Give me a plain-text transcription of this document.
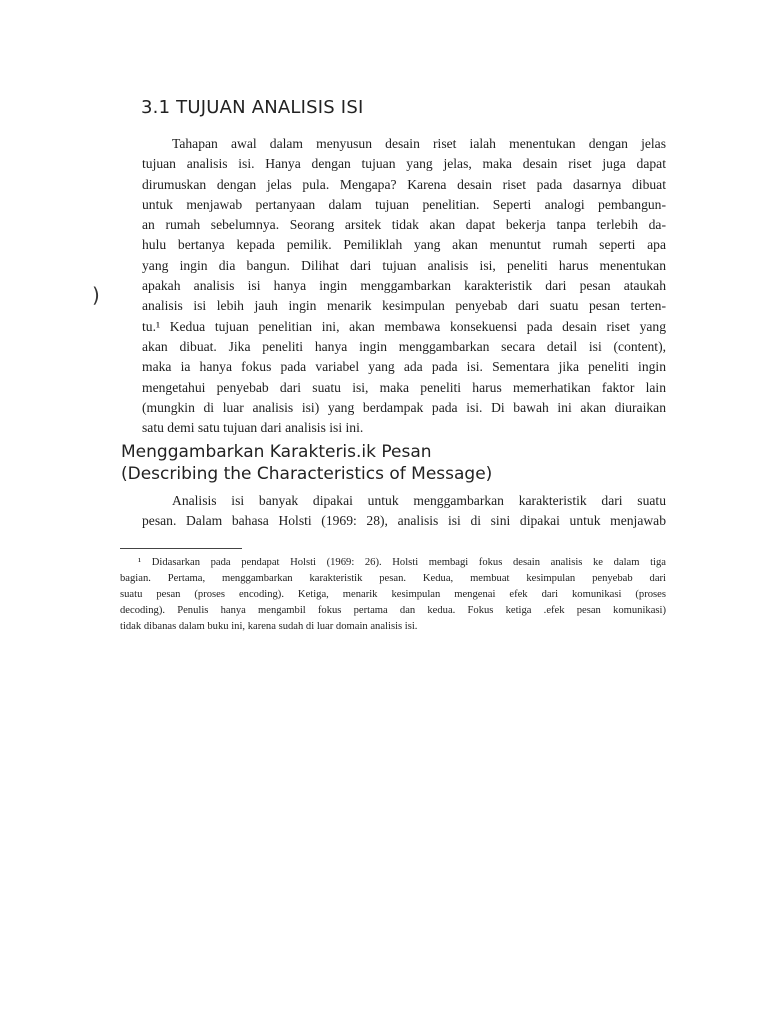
3.1 TUJUAN ANALISIS ISI
)
Tahapan awal dalam menyusun desain riset ialah menentukan dengan jelas
tujuan analisis isi. Hanya dengan tujuan yang jelas, maka desain riset juga dapat
dirumuskan dengan jelas pula. Mengapa? Karena desain riset pada dasarnya dibuat
untuk menjawab pertanyaan dalam tujuan penelitian. Seperti analogi pembangun-
an rumah sebelumnya. Seorang arsitek tidak akan dapat bekerja tanpa terlebih da-
hulu bertanya kepada pemilik. Pemiliklah yang akan menuntut rumah seperti apa
yang ingin dia bangun. Dilihat dari tujuan analisis isi, peneliti harus menentukan
apakah analisis isi hanya ingin menggambarkan karakteristik dari pesan ataukah
analisis isi lebih jauh ingin menarik kesimpulan penyebab dari suatu pesan terten-
tu.¹ Kedua tujuan penelitian ini, akan membawa konsekuensi pada desain riset yang
akan dibuat. Jika peneliti hanya ingin menggambarkan secara detail isi (content),
maka ia hanya fokus pada variabel yang ada pada isi. Sementara jika peneliti ingin
mengetahui penyebab dari suatu isi, maka peneliti harus memerhatikan faktor lain
(mungkin di luar analisis isi) yang berdampak pada isi. Di bawah ini akan diuraikan
satu demi satu tujuan dari analisis isi ini.
Menggambarkan Karakteris.ik Pesan
(Describing the Characteristics of Message)
Analisis isi banyak dipakai untuk menggambarkan karakteristik dari suatu
pesan. Dalam bahasa Holsti (1969: 28), analisis isi di sini dipakai untuk menjawab
¹ Didasarkan pada pendapat Holsti (1969: 26). Holsti membagi fokus desain analisis ke dalam tiga
bagian. Pertama, menggambarkan karakteristik pesan. Kedua, membuat kesimpulan penyebab dari
suatu pesan (proses encoding). Ketiga, menarik kesimpulan mengenai efek dari komunikasi (proses
decoding). Penulis hanya mengambil fokus pertama dan kedua. Fokus ketiga .efek pesan komunikasi)
tidak dibanas dalam buku ini, karena sudah di luar domain analisis isi.
